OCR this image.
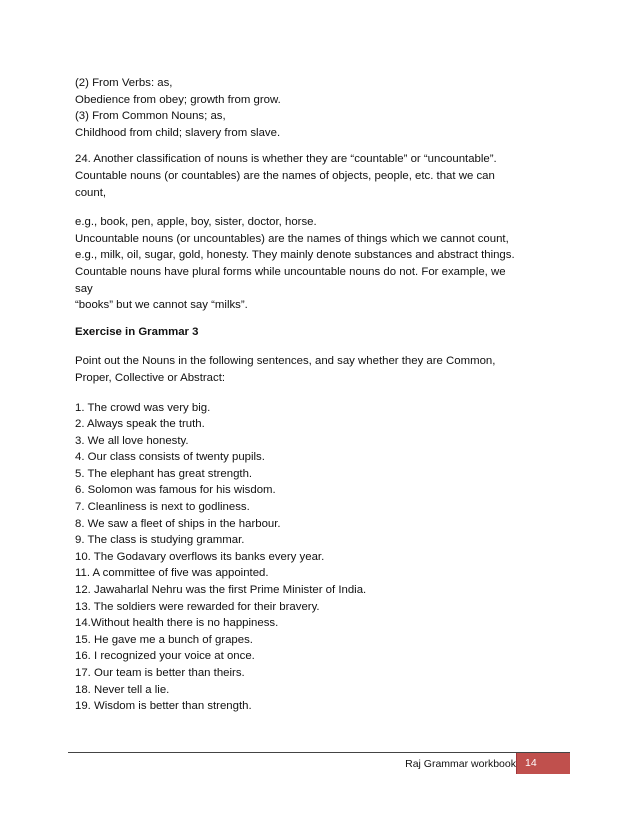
(2) From Verbs: as,
Obedience from obey; growth from grow.
(3) From Common Nouns; as,
Childhood from child; slavery from slave.
24. Another classification of nouns is whether they are “countable” or “uncountable”.
Countable nouns (or countables) are the names of objects, people, etc. that we can
count,
e.g., book, pen, apple, boy, sister, doctor, horse.
Uncountable nouns (or uncountables) are the names of things which we cannot count,
e.g., milk, oil, sugar, gold, honesty. They mainly denote substances and abstract things.
Countable nouns have plural forms while uncountable nouns do not. For example, we
say
“books” but we cannot say “milks”.
Exercise in Grammar 3
Point out the Nouns in the following sentences, and say whether they are Common,
Proper, Collective or Abstract:
1. The crowd was very big.
2. Always speak the truth.
3. We all love honesty.
4. Our class consists of twenty pupils.
5. The elephant has great strength.
6. Solomon was famous for his wisdom.
7. Cleanliness is next to godliness.
8. We saw a fleet of ships in the harbour.
9. The class is studying grammar.
10. The Godavary overflows its banks every year.
11. A committee of five was appointed.
12. Jawaharlal Nehru was the first Prime Minister of India.
13. The soldiers were rewarded for their bravery.
14.Without health there is no happiness.
15. He gave me a bunch of grapes.
16. I recognized your voice at once.
17. Our team is better than theirs.
18. Never tell a lie.
19. Wisdom is better than strength.
Raj Grammar workbook 14
